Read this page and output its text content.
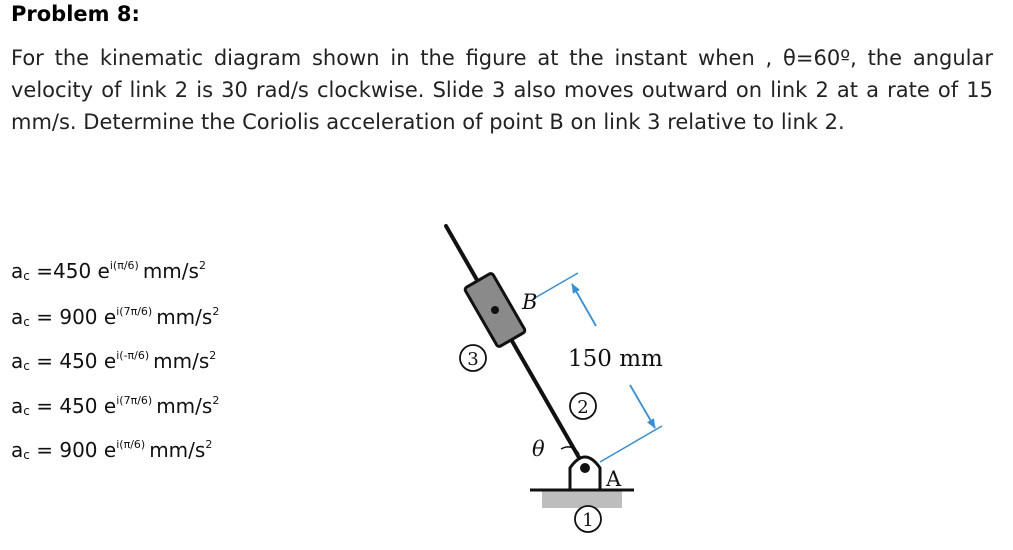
Problem 8:
For the kinematic diagram shown in the figure at the instant when , θ=60º, the angular velocity of link 2 is 30 rad/s clockwise. Slide 3 also moves outward on link 2 at a rate of 15 mm/s. Determine the Coriolis acceleration of point B on link 3 relative to link 2.
ac =450 $e^{i(\pi/6)}$ $mm/s^2$
ac = 900 $e^{i(7\pi/6)}$ $mm/s^2$
ac = 450 $e^{i(-\pi/6)}$ $mm/s^2$
ac = 450 $e^{i(7\pi/6)}$ $mm/s^2$
ac = 900 $e^{i(\pi/6)}$ $mm/s^2$
B
150 mm
θ
A
3
2
1
